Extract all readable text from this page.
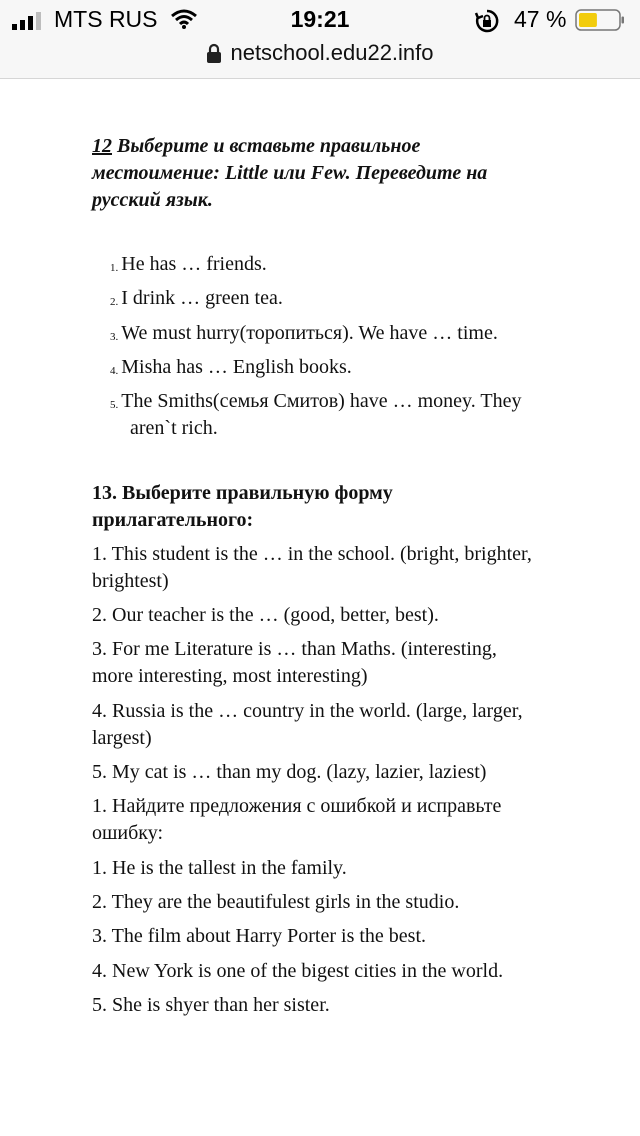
MTS RUS	19:21	47 %
netschool.edu22.info
12 Выберите и вставьте правильное
местоимение: Little или Few. Переведите на
русский язык.
1. He has … friends.
2. I drink … green tea.
3. We must hurry(торопиться). We have … time.
4. Misha has … English books.
5. The Smiths(семья Смитов) have … money. They
aren`t rich.
13. Выберите правильную форму
прилагательного:
1. This student is the … in the school. (bright, brighter,
brightest)
2. Our teacher is the … (good, better, best).
3. For me Literature is … than Maths. (interesting,
more interesting, most interesting)
4. Russia is the … country in the world. (large, larger,
largest)
5. My cat is … than my dog. (lazy, lazier, laziest)
1. Найдите предложения с ошибкой и исправьте
ошибку:
1. He is the tallest in the family.
2. They are the beautifulest girls in the studio.
3. The film about Harry Porter is the best.
4. New York is one of the bigest cities in the world.
5. She is shyer than her sister.
